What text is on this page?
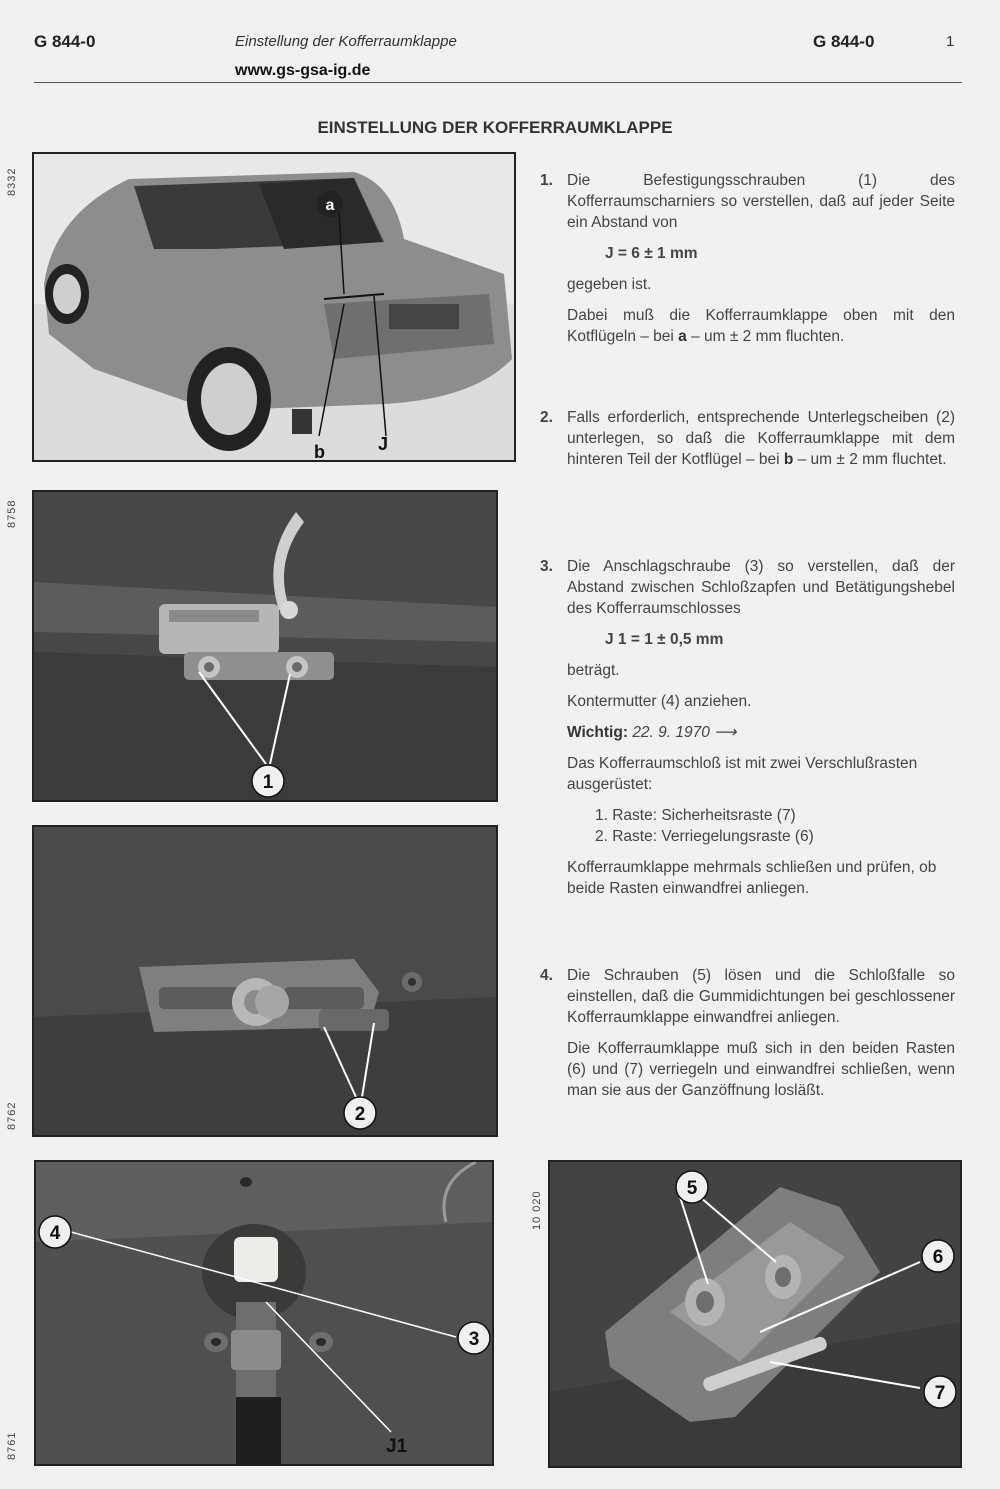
G 844-0	Einstellung der Kofferraumklappe	G 844-0	1
www.gs-gsa-ig.de
EINSTELLUNG DER KOFFERRAUMKLAPPE
8332
a
b	J
8758
1
8762	2
8761
4
3
J1
10 020
5
6
7

1. Die Befestigungsschrauben (1) des Kofferraumscharniers so verstellen, daß auf jeder Seite ein Abstand von

J = 6 ± 1 mm

gegeben ist.

Dabei muß die Kofferraumklappe oben mit den Kotflügeln – bei a – um ± 2 mm fluchten.

2. Falls erforderlich, entsprechende Unterlegscheiben (2) unterlegen, so daß die Kofferraumklappe mit dem hinteren Teil der Kotflügel – bei b – um ± 2 mm fluchtet.

3. Die Anschlagschraube (3) so verstellen, daß der Abstand zwischen Schloßzapfen und Betätigungshebel des Kofferraumschlosses

J 1 = 1 ± 0,5 mm

beträgt.

Kontermutter (4) anziehen.

Wichtig: 22. 9. 1970 ⟶

Das Kofferraumschloß ist mit zwei Verschlußrasten ausgerüstet:

1. Raste: Sicherheitsraste (7)

2. Raste: Verriegelungsraste (6)

Kofferraumklappe mehrmals schließen und prüfen, ob beide Rasten einwandfrei anliegen.

4. Die Schrauben (5) lösen und die Schloßfalle so einstellen, daß die Gummidichtungen bei geschlossener Kofferraumklappe einwandfrei anliegen.

Die Kofferraumklappe muß sich in den beiden Rasten (6) und (7) verriegeln und einwandfrei schließen, wenn man sie aus der Ganzöffnung losläßt.
